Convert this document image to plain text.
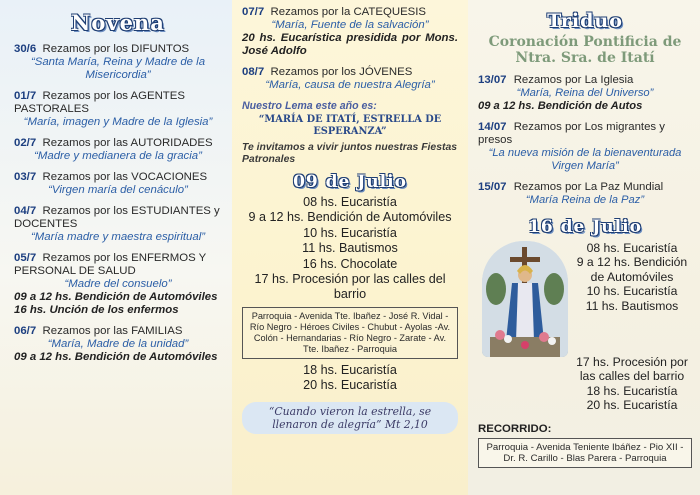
Novena

30/6 Rezamos por los DIFUNTOS

“Santa María, Reina y Madre de la Misericordia”

01/7 Rezamos por los AGENTES PASTORALES

“María, imagen y Madre de la Iglesia”

02/7 Rezamos por las AUTORIDADES

“Madre y medianera de la gracia”

03/7 Rezamos por las VOCACIONES

“Virgen maría del cenáculo”

04/7 Rezamos por los ESTUDIANTES y DOCENTES

“María madre y maestra espiritual”

05/7 Rezamos por los ENFERMOS Y PERSONAL DE SALUD

“Madre del consuelo”

09 a 12 hs. Bendición de Automóviles

16 hs. Unción de los enfermos

06/7 Rezamos por las FAMILIAS

“María, Madre de la unidad”

09 a 12 hs. Bendición de Automóviles

07/7 Rezamos por la CATEQUESIS

“María, Fuente de la salvación”

20 hs. Eucarística presidida por Mons. José Adolfo

08/7 Rezamos por los JÓVENES

“María, causa de nuestra Alegría”

Nuestro Lema este año es:

“MARÍA DE ITATÍ, ESTRELLA DE ESPERANZA”

Te invitamos a vivir juntos nuestras Fiestas Patronales

09 de Julio
08 hs. Eucaristía
9 a 12 hs. Bendición de Automóviles
10 hs. Eucaristía
11 hs. Bautismos
16 hs. Chocolate
17 hs. Procesión por las calles del barrio
Parroquia - Avenida Tte. Ibañez - José R. Vidal - Río Negro - Héroes Civiles - Chubut - Ayolas -Av. Colón - Hernandarias - Río Negro - Zarate - Av. Tte. Ibañez - Parroquia
18 hs. Eucaristía
20 hs. Eucaristía
“Cuando vieron la estrella, se llenaron de alegría” Mt 2,10
Triduo
Coronación Pontificia de Ntra. Sra. de Itatí

13/07 Rezamos por La Iglesia

“María, Reina del Universo”

09 a 12 hs. Bendición de Autos

14/07 Rezamos por Los migrantes y presos

“La nueva misión de la bienaventurada Virgen María”

15/07 Rezamos por La Paz Mundial

“María Reina de la Paz”

16 de Julio
08 hs. Eucaristía
9 a 12 hs. Bendición de Automóviles
10 hs. Eucaristía
11 hs. Bautismos
17 hs. Procesión por las calles del barrio
18 hs. Eucaristía
20 hs. Eucaristía
RECORRIDO:
Parroquia - Avenida Teniente Ibáñez - Pio XII - Dr. R. Carillo - Blas Parera - Parroquia
